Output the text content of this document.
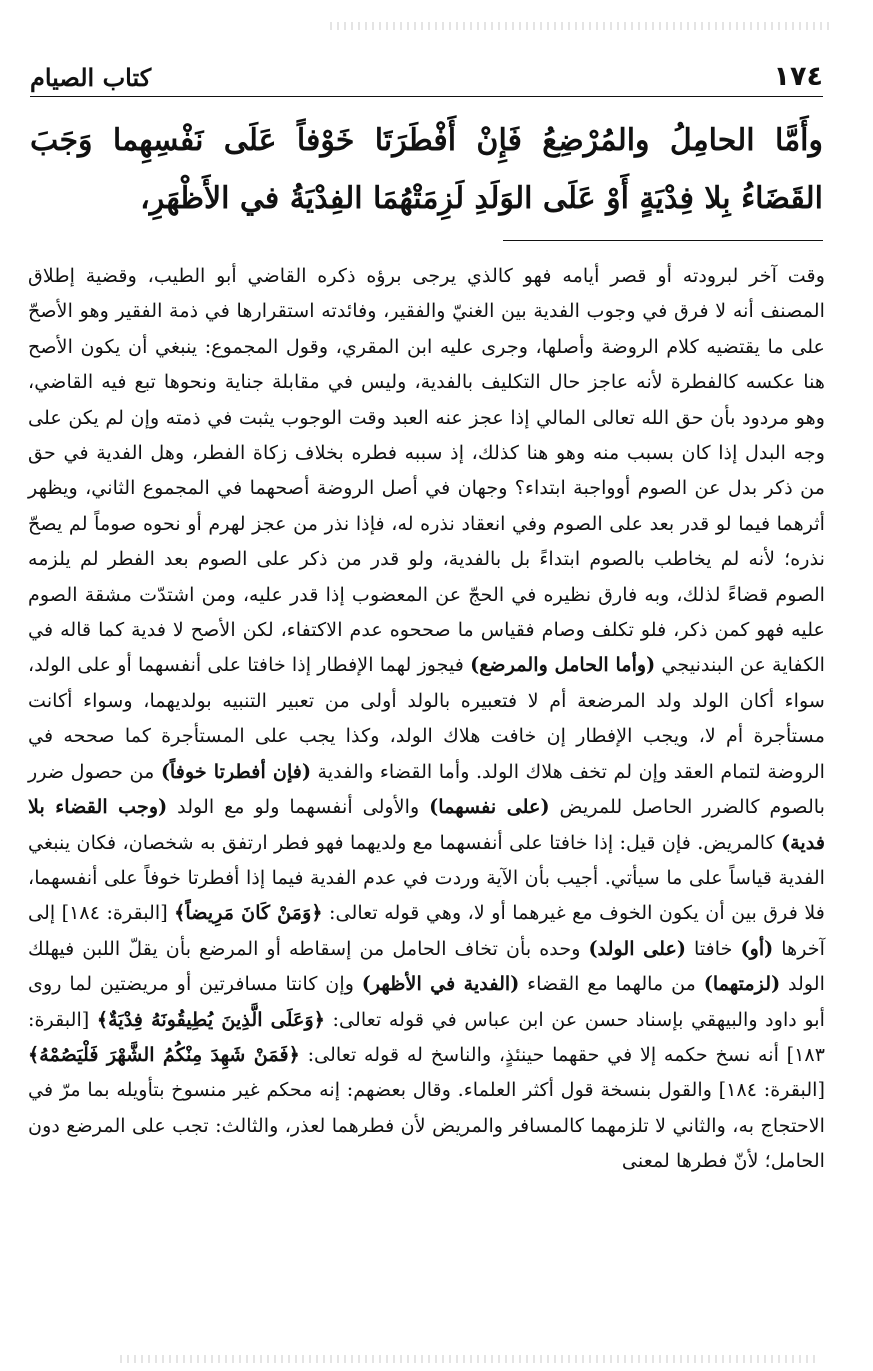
١٧٤
كتاب الصيام
وأَمَّا الحامِلُ والمُرْضِعُ فَإِنْ أَفْطَرَتَا خَوْفاً عَلَى نَفْسِهِما وَجَبَ القَضَاءُ بِلا فِدْيَةٍ أَوْ عَلَى الوَلَدِ لَزِمَتْهُمَا الفِدْيَةُ في الأَظْهَرِ،

وقت آخر لبرودته أو قصر أيامه فهو كالذي يرجى برؤه ذكره القاضي أبو الطيب، وقضية إطلاق المصنف أنه لا فرق في وجوب الفدية بين الغنيّ والفقير، وفائدته استقرارها في ذمة الفقير وهو الأصحّ على ما يقتضيه كلام الروضة وأصلها، وجرى عليه ابن المقري، وقول المجموع: ينبغي أن يكون الأصح هنا عكسه كالفطرة لأنه عاجز حال التكليف بالفدية، وليس في مقابلة جناية ونحوها تبع فيه القاضي، وهو مردود بأن حق الله تعالى المالي إذا عجز عنه العبد وقت الوجوب يثبت في ذمته وإن لم يكن على وجه البدل إذا كان بسبب منه وهو هنا كذلك، إذ سببه فطره بخلاف زكاة الفطر، وهل الفدية في حق من ذكر بدل عن الصوم أوواجبة ابتداء؟ وجهان في أصل الروضة أصحهما في المجموع الثاني، ويظهر أثرهما فيما لو قدر بعد على الصوم وفي انعقاد نذره له، فإذا نذر من عجز لهرم أو نحوه صوماً لم يصحّ نذره؛ لأنه لم يخاطب بالصوم ابتداءً بل بالفدية، ولو قدر من ذكر على الصوم بعد الفطر لم يلزمه الصوم قضاءً لذلك، وبه فارق نظيره في الحجّ عن المعضوب إذا قدر عليه، ومن اشتدّت مشقة الصوم عليه فهو كمن ذكر، فلو تكلف وصام فقياس ما صححوه عدم الاكتفاء، لكن الأصح لا فدية كما قاله في الكفاية عن البندنيجي (وأما الحامل والمرضع) فيجوز لهما الإفطار إذا خافتا على أنفسهما أو على الولد، سواء أكان الولد ولد المرضعة أم لا فتعبيره بالولد أولى من تعبير التنبيه بولديهما، وسواء أكانت مستأجرة أم لا، ويجب الإفطار إن خافت هلاك الولد، وكذا يجب على المستأجرة كما صححه في الروضة لتمام العقد وإن لم تخف هلاك الولد. وأما القضاء والفدية (فإن أفطرتا خوفاً) من حصول ضرر بالصوم كالضرر الحاصل للمريض (على نفسهما) والأولى أنفسهما ولو مع الولد (وجب القضاء بلا فدية) كالمريض. فإن قيل: إذا خافتا على أنفسهما مع ولديهما فهو فطر ارتفق به شخصان، فكان ينبغي الفدية قياساً على ما سيأتي. أجيب بأن الآية وردت في عدم الفدية فيما إذا أفطرتا خوفاً على أنفسهما، فلا فرق بين أن يكون الخوف مع غيرهما أو لا، وهي قوله تعالى: ﴿وَمَنْ كَانَ مَرِيضاً﴾ [البقرة: ١٨٤] إلى آخرها (أو) خافتا (على الولد) وحده بأن تخاف الحامل من إسقاطه أو المرضع بأن يقلّ اللبن فيهلك الولد (لزمتهما) من مالهما مع القضاء (الفدية في الأظهر) وإن كانتا مسافرتين أو مريضتين لما روى أبو داود والبيهقي بإسناد حسن عن ابن عباس في قوله تعالى: ﴿وَعَلَى الَّذِينَ يُطِيقُونَهُ فِدْيَةٌ﴾ [البقرة: ١٨٣] أنه نسخ حكمه إلا في حقهما حينئذٍ، والناسخ له قوله تعالى: ﴿فَمَنْ شَهِدَ مِنْكُمُ الشَّهْرَ فَلْيَصُمْهُ﴾ [البقرة: ١٨٤] والقول بنسخة قول أكثر العلماء. وقال بعضهم: إنه محكم غير منسوخ بتأويله بما مرّ في الاحتجاج به، والثاني لا تلزمهما كالمسافر والمريض لأن فطرهما لعذر، والثالث: تجب على المرضع دون الحامل؛ لأنّ فطرها لمعنى
